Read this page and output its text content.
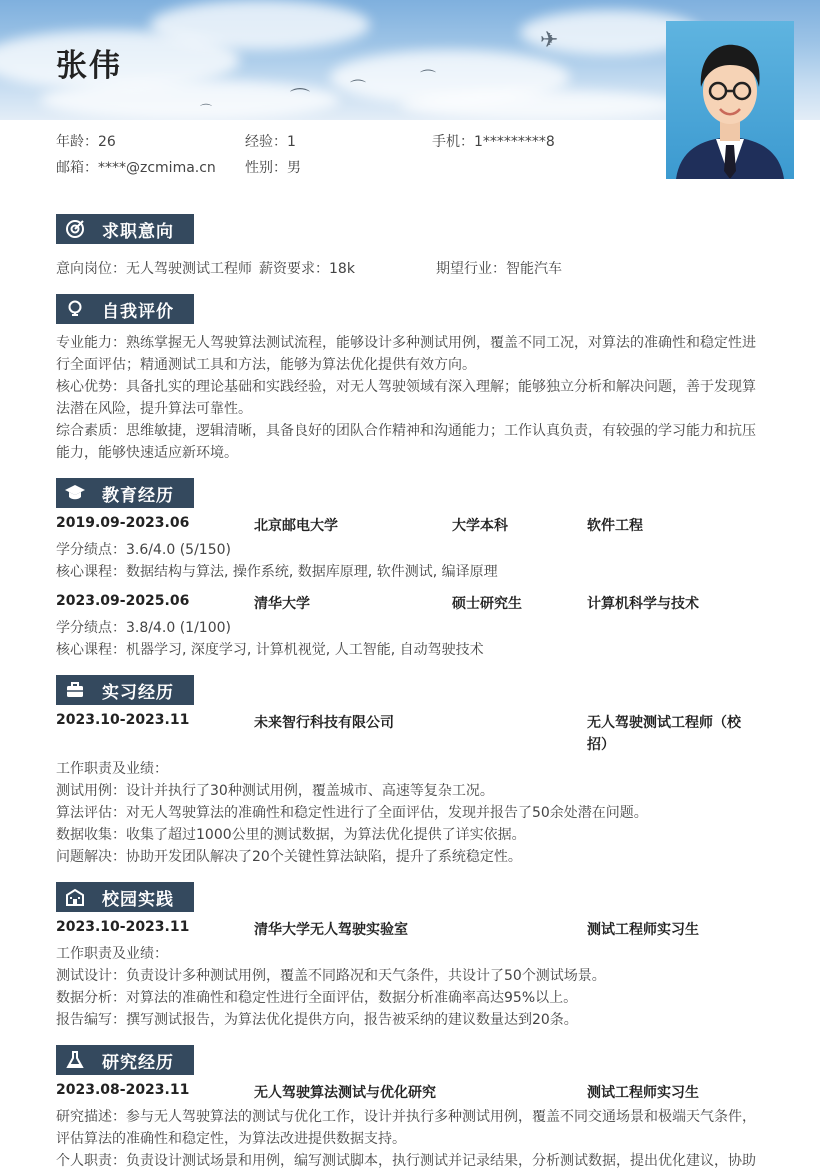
✈
⌒
⌒
⌒
⌒
张伟
年龄：26	经验：1	手机：1*********8
邮箱：****@zcmima.cn 性别：男
求职意向
意向岗位：无人驾驶测试工程师 薪资要求：18k	期望行业：智能汽车
自我评价
专业能力：熟练掌握无人驾驶算法测试流程，能够设计多种测试用例，覆盖不同工况，对算法的准确性和稳定性进
行全面评估；精通测试工具和方法，能够为算法优化提供有效方向。
核心优势：具备扎实的理论基础和实践经验，对无人驾驶领域有深入理解；能够独立分析和解决问题，善于发现算
法潜在风险，提升算法可靠性。
综合素质：思维敏捷，逻辑清晰，具备良好的团队合作精神和沟通能力；工作认真负责，有较强的学习能力和抗压
能力，能够快速适应新环境。
教育经历
2019.09-2023.06	北京邮电大学	大学本科	软件工程
学分绩点：3.6/4.0 (5/150)
核心课程：数据结构与算法, 操作系统, 数据库原理, 软件测试, 编译原理
2023.09-2025.06	清华大学	硕士研究生	计算机科学与技术
学分绩点：3.8/4.0 (1/100)
核心课程：机器学习, 深度学习, 计算机视觉, 人工智能, 自动驾驶技术
实习经历
2023.10-2023.11	未来智行科技有限公司	无人驾驶测试工程师（校
招）
工作职责及业绩：
测试用例：设计并执行了30种测试用例，覆盖城市、高速等复杂工况。
算法评估：对无人驾驶算法的准确性和稳定性进行了全面评估，发现并报告了50余处潜在问题。
数据收集：收集了超过1000公里的测试数据，为算法优化提供了详实依据。
问题解决：协助开发团队解决了20个关键性算法缺陷，提升了系统稳定性。
校园实践
2023.10-2023.11	清华大学无人驾驶实验室	测试工程师实习生
工作职责及业绩：
测试设计：负责设计多种测试用例，覆盖不同路况和天气条件，共设计了50个测试场景。
数据分析：对算法的准确性和稳定性进行全面评估，数据分析准确率高达95%以上。
报告编写：撰写测试报告，为算法优化提供方向，报告被采纳的建议数量达到20条。
研究经历
2023.08-2023.11	无人驾驶算法测试与优化研究	测试工程师实习生
研究描述：参与无人驾驶算法的测试与优化工作，设计并执行多种测试用例，覆盖不同交通场景和极端天气条件，
评估算法的准确性和稳定性，为算法改进提供数据支持。
个人职责：负责设计测试场景和用例，编写测试脚本，执行测试并记录结果，分析测试数据，提出优化建议，协助
